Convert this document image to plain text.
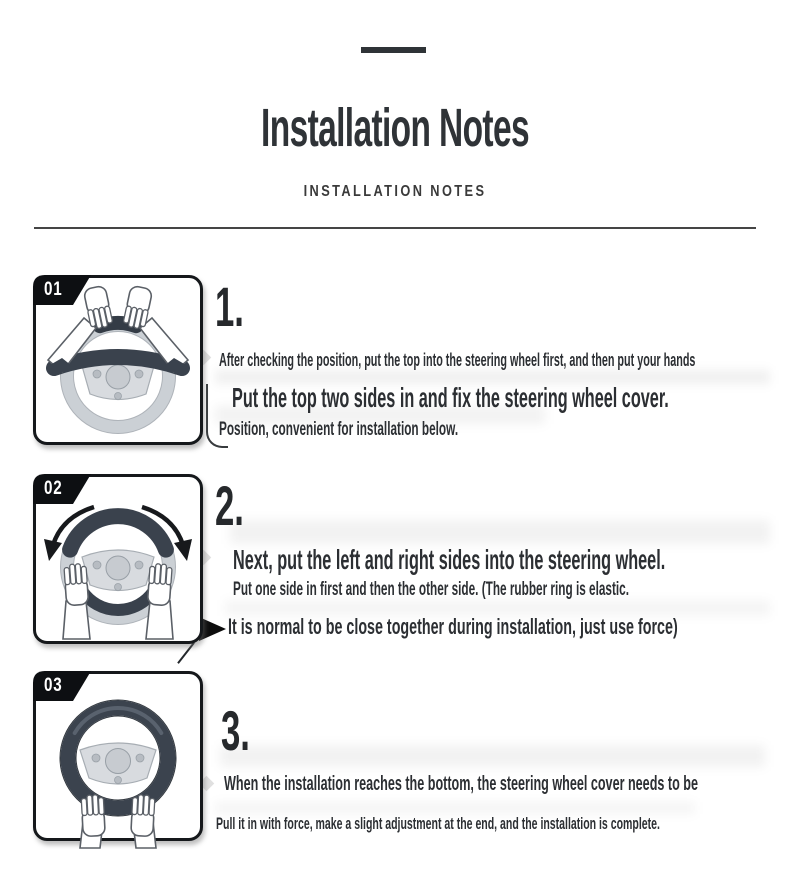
Installation Notes
INSTALLATION NOTES
01	1.
After checking the position, put the top into the steering wheel first, and then put your hands
Put the top two sides in and fix the steering wheel cover.
Position, convenient for installation below.
02	2.
Next, put the left and right sides into the steering wheel.
Put one side in first and then the other side. (The rubber ring is elastic.
It is normal to be close together during installation, just use force)
03
3.
When the installation reaches the bottom, the steering wheel cover needs to be
Pull it in with force, make a slight adjustment at the end, and the installation is complete.
